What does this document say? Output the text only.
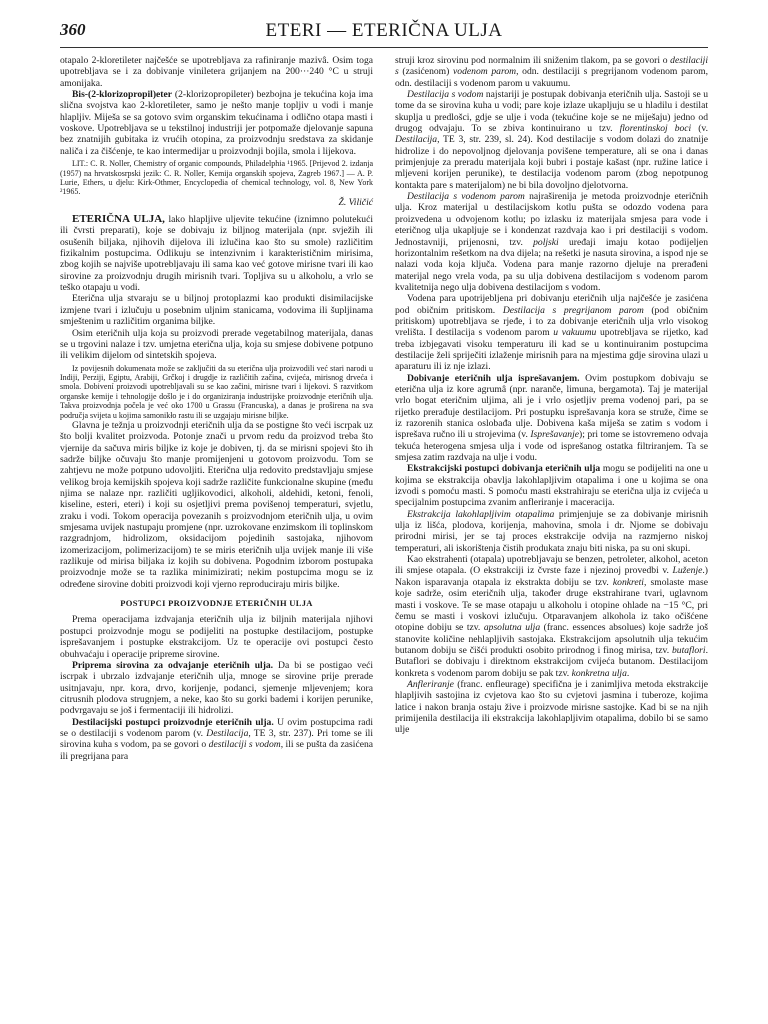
360	ETERI — ETERIČNA ULJA

otapalo 2-kloretileter najčešće se upotrebljava za rafiniranje mazivâ. Osim toga upotrebljava se i za dobivanje viniletera grijanjem na 200···240 °C u struji amonijaka.

Bis-(2-klorizopropil)eter (2-klorizopropileter) bezbojna je tekućina koja ima slična svojstva kao 2-kloretileter, samo je nešto manje topljiv u vodi i manje hlapljiv. Miješa se sa gotovo svim organskim tekućinama i odlično otapa masti i voskove. Upotrebljava se u tekstilnoj industriji jer potpomaže djelovanje sapuna bez znatnijih gubitaka iz vrućih otopina, za proizvodnju sredstava za skidanje naliča i za čišćenje, te kao intermedijar u proizvodnji bojila, smola i lijekova.

LIT.: C. R. Noller, Chemistry of organic compounds, Philadelphia ¹1965. [Prijevod 2. izdanja (1957) na hrvatskosrpski jezik: C. R. Noller, Kemija organskih spojeva, Zagreb 1967.] — A. P. Lurie, Ethers, u djelu: Kirk-Othmer, Encyclopedia of chemical technology, vol. 8, New York ²1965.

Ž. Viličić

ETERIČNA ULJA, lako hlapljive uljevite tekućine (iznimno polutekući ili čvrsti preparati), koje se dobivaju iz biljnog materijala (npr. svježih ili osušenih biljaka, njihovih dijelova ili izlučina kao što su smole) različitim fizikalnim postupcima. Odlikuju se intenzivnim i karakterističnim mirisima, zbog kojih se najviše upotrebljavaju ili sama kao već gotove mirisne tvari ili kao sirovine za proizvodnju drugih mirisnih tvari. Topljiva su u alkoholu, a vrlo se teško otapaju u vodi.

Eterična ulja stvaraju se u biljnoj protoplazmi kao produkti disimilacijske izmjene tvari i izlučuju u posebnim uljnim stanicama, vodovima ili šupljinama smještenim u različitim organima biljke.

Osim eteričnih ulja koja su proizvodi prerade vegetabilnog materijala, danas se u trgovini nalaze i tzv. umjetna eterična ulja, koja su smjese dobivene potpuno ili velikim dijelom od sintetskih spojeva.

Iz povijesnih dokumenata može se zaključiti da su eterična ulja proizvodili već stari narodi u Indiji, Perziji, Egiptu, Arabiji, Grčkoj i drugdje iz različitih začina, cvijeća, mirisnog drveća i smola. Dobivení proizvodi upotrebljavali su se kao začini, mirisne tvari i lijekovi. S razvitkom organske kemije i tehnologije došlo je i do organiziranja industrijske proizvodnje eteričnih ulja. Takva proizvodnja počela je već oko 1700 u Grassu (Francuska), a danas je proširena na sva područja svijeta u kojima samonikło rastu ili se uzgajaju mirisne biljke.

Glavna je težnja u proizvodnji eteričnih ulja da se postigne što veći iscrpak uz što bolji kvalitet proizvoda. Potonje znači u prvom redu da proizvod treba što vjernije da sačuva miris biljke iz koje je dobiven, tj. da se mirisni spojevi što ih sadrže biljke očuvaju što manje promijenjeni u gotovom proizvodu. Tom se zahtjevu ne može potpuno udovoljiti. Eterična ulja redovito predstavljaju smjese velikog broja kemijskih spojeva koji sadrže različite funkcionalne skupine (među njima se nalaze npr. različiti ugljikovodici, alkoholi, aldehidi, ketoni, fenoli, kiseline, esteri, eteri) i koji su osjetljivi prema povišenoj temperaturi, svjetlu, zraku i vodi. Tokom operacija povezanih s proizvodnjom eteričnih ulja, u ovim smjesama uvijek nastupaju promjene (npr. uzrokovane enzimskom ili toplinskom razgradnjom, hidrolizom, oksidacijom pojedinih sastojaka, njihovom izomerizacijom, polimerizacijom) te se miris eteričnih ulja uvijek manje ili više razlikuje od mirisa biljaka iz kojih su dobivena. Pogodnim izborom postupaka proizvodnje može se ta razlika minimizirati; nekim postupcima mogu se iz određene sirovine dobiti proizvodi koji vjerno reproduciraju miris biljke.

POSTUPCI PROIZVODNJE ETERIČNIH ULJA

Prema operacijama izdvajanja eteričnih ulja iz biljnih materijala njihovi postupci proizvodnje mogu se podijeliti na postupke destilacijom, postupke isprešavanjem i postupke ekstrakcijom. Uz te operacije ovi postupci često obuhvaćaju i operacije pripreme sirovine.

Priprema sirovina za odvajanje eteričnih ulja. Da bi se postigao veći iscrpak i ubrzalo izdvajanje eteričnih ulja, mnoge se sirovine prije prerade usitnjavaju, npr. kora, drvo, korijenje, podanci, sjemenje mljevenjem; kora citrusnih plodova strugnjem, a neke, kao što su gorki bademi i korijen perunike, podvrgavaju se još i fermentaciji ili hidrolizi.

Destilacijski postupci proizvodnje eteričnih ulja. U ovim postupcima radi se o destilaciji s vodenom parom (v. Destilacija, TE 3, str. 237). Pri tome se ili sirovina kuha s vodom, pa se govori o destilaciji s vodom, ili se pušta da zasićena ili pregrijana para

struji kroz sirovinu pod normalnim ili sniženim tlakom, pa se govori o destilaciji s (zasićenom) vodenom parom, odn. destilaciji s pregrijanom vodenom parom, odn. destilaciji s vodenom parom u vakuumu.

Destilacija s vodom najstariji je postupak dobivanja eteričnih ulja. Sastoji se u tome da se sirovina kuha u vodi; pare koje izlaze ukapljuju se u hladilu i destilat skuplja u predlošci, gdje se ulje i voda (tekućine koje se ne miješaju) jedno od drugog odvajaju. To se zbiva kontinuirano u tzv. florentinskoj boci (v. Destilacija, TE 3, str. 239, sl. 24). Kod destilacije s vodom dolazi do znatnije hidrolize i do nepovoljnog djelovanja povišene temperature, ali se ona i danas primjenjuje za preradu materijala koji bubri i postaje kašast (npr. ružine latice i mljeveni korijen perunike), te destilacija vodenom parom (zbog nepotpunog kontakta pare s materijalom) ne bi bila dovoljno djelotvorna.

Destilacija s vodenom parom najraširenija je metoda proizvodnje eteričnih ulja. Kroz materijal u destilacijskom kotlu pušta se odozdo vodena para proizvedena u odvojenom kotlu; po izlasku iz materijala smjesa para vode i eteričnog ulja ukapljuje se i kondenzat razdvaja kao i pri destilaciji s vodom. Jednostavniji, prijenosni, tzv. poljski uređaji imaju kotao podijeljen horizontalnim rešetkom na dva dijela; na rešetki je nasuta sirovina, a ispod nje se nalazi voda koja ključa. Vodena para manje razorno djeluje na prerađeni materijal nego vrela voda, pa su ulja dobivena destilacijom s vodenom parom kvalitetnija nego ulja dobivena destilacijom s vodom.

Vodena para upotrijebljena pri dobivanju eteričnih ulja najčešće je zasićena pod običnim pritiskom. Destilacija s pregrijanom parom (pod običnim pritiskom) upotrebljava se rjeđe, i to za dobivanje eteričnih ulja vrlo visokog vrelišta. I destilacija s vodenom parom u vakuumu upotrebljava se rijetko, kad treba izbjegavati visoku temperaturu ili kad se u kontinuiranim postupcima destilacije želi spriječiti izlaženje mirisnih para na mjestima gdje sirovina ulazi u aparaturu ili iz nje izlazi.

Dobivanje eteričnih ulja isprešavanjem. Ovim postupkom dobivaju se eterična ulja iz kore agrumâ (npr. naranče, limuna, bergamota). Taj je materijal vrlo bogat eteričnim uljima, ali je i vrlo osjetljiv prema vodenoj pari, pa se rijetko prerađuje destilacijom. Pri postupku isprešavanja kora se struže, čime se iz razorenih stanica oslobađa ulje. Dobivena kaša miješa se zatim s vodom i isprešava ručno ili u strojevima (v. Isprešavanje); pri tome se istovremeno odvaja tekuća heterogena smjesa ulja i vode od isprešanog ostatka filtriranjem. Ta se smjesa zatim razdvaja na ulje i vodu.

Ekstrakcijski postupci dobivanja eteričnih ulja mogu se podijeliti na one u kojima se ekstrakcija obavlja lakohlapljivim otapalima i one u kojima se ona izvodi s pomoću masti. S pomoću masti ekstrahiraju se eterična ulja iz cvijeća u specijalnim postupcima zvanim anfleriranje i maceracija.

Ekstrakcija lakohlapljivim otapalima primjenjuje se za dobivanje mirisnih ulja iz lišća, plodova, korijenja, mahovina, smola i dr. Njome se dobivaju prirodni mirisi, jer se taj proces ekstrakcije odvija na razmjerno niskoj temperaturi, ali iskorištenja čistih produkata znaju biti niska, pa su oni skupi.

Kao ekstrahenti (otapala) upotrebljavaju se benzen, petroleter, alkohol, aceton ili smjese otapala. (O ekstrakciji iz čvrste faze i njezinoj provedbi v. Luženje.) Nakon isparavanja otapala iz ekstrakta dobiju se tzv. konkreti, smolaste mase koje sadrže, osim eteričnih ulja, također druge ekstrahirane tvari, uglavnom masti i voskove. Te se mase otapaju u alkoholu i otopine ohlade na −15 °C, pri čemu se masti i voskovi izlučuju. Otparavanjem alkohola iz tako očišćene otopine dobiju se tzv. apsolutna ulja (franc. essences absolues) koje sadrže još stanovite količine nehlapljivih sastojaka. Ekstrakcijom apsolutnih ulja tekućim butanom dobiju se čišći produkti osobito prirodnog i finog mirisa, tzv. butaflori. Butaflori se dobivaju i direktnom ekstrakcijom cvijeća butanom. Destilacijom konkreta s vodenom parom dobiju se pak tzv. konkretna ulja.

Anfleriranje (franc. enfleurage) specifična je i zanimljiva metoda ekstrakcije hlapljivih sastojina iz cvjetova kao što su cvjetovi jasmina i tuberoze, kojima latice i nakon branja ostaju žive i proizvode mirisne sastojke. Kad bi se na njih primijenila destilacija ili ekstrakcija lakohlapljivim otapalima, dobilo bi se samo ulje
